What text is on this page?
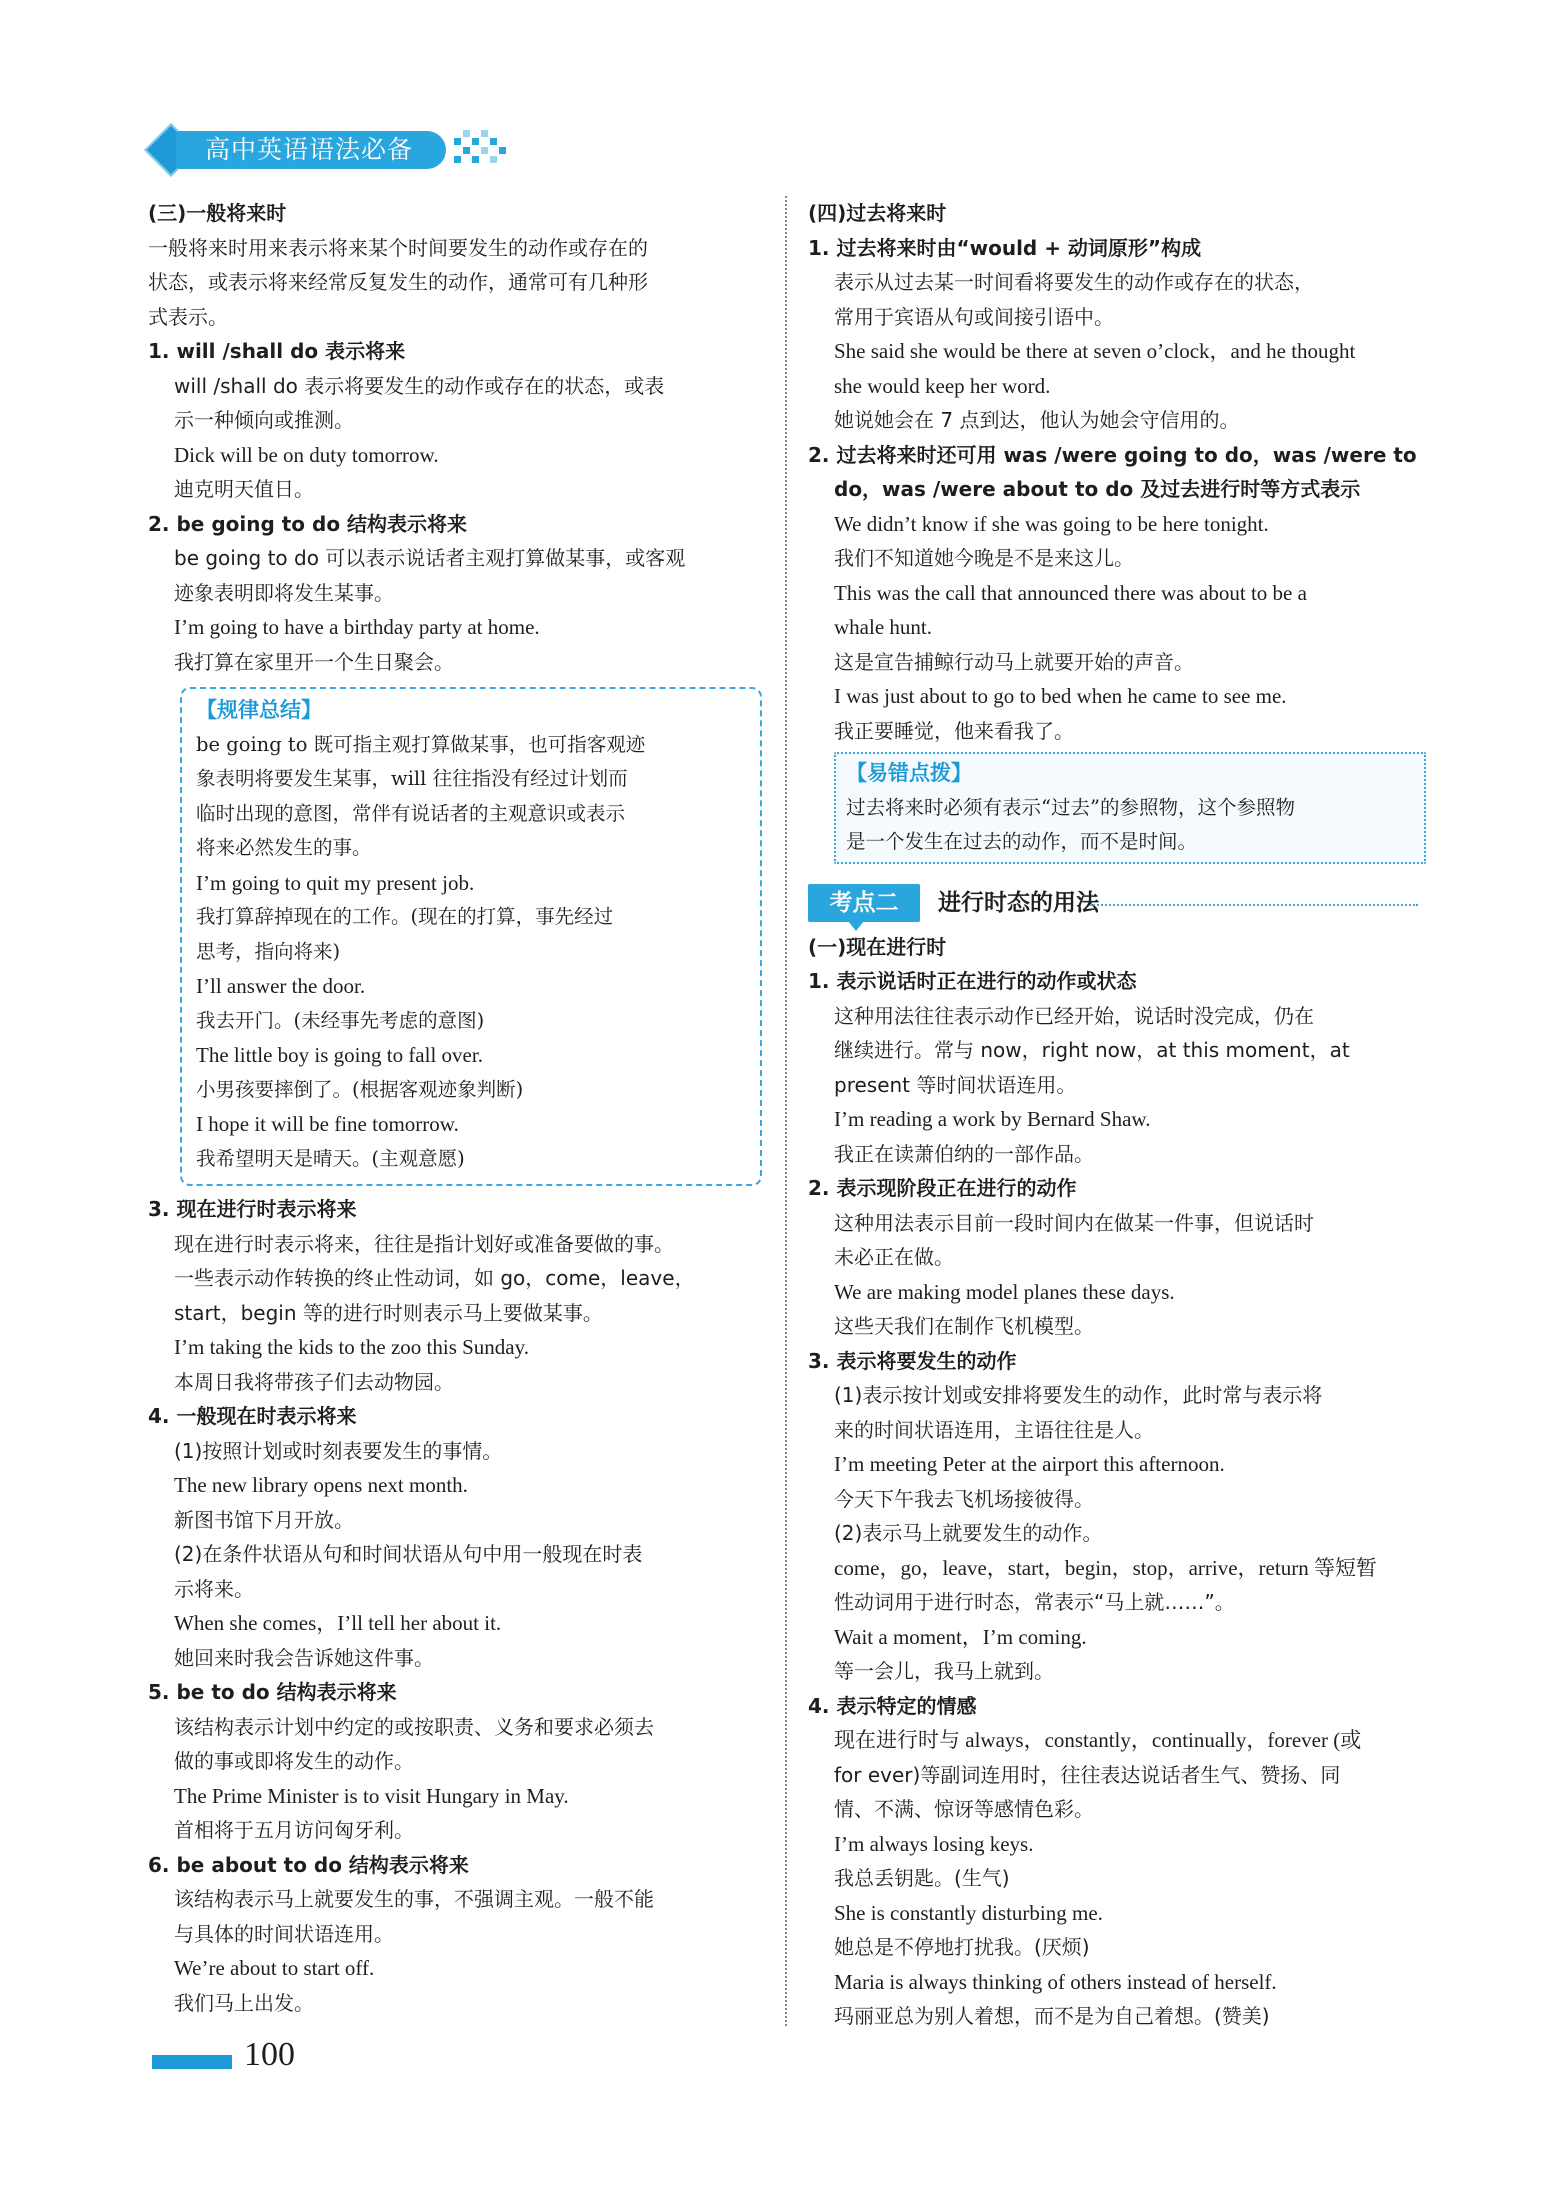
高中英语语法必备
(三)一般将来时
一般将来时用来表示将来某个时间要发生的动作或存在的
状态，或表示将来经常反复发生的动作，通常可有几种形
式表示。
1. will /shall do 表示将来
will /shall do 表示将要发生的动作或存在的状态，或表
示一种倾向或推测。
Dick will be on duty tomorrow.
迪克明天值日。
2. be going to do 结构表示将来
be going to do 可以表示说话者主观打算做某事，或客观
迹象表明即将发生某事。
I’m going to have a birthday party at home.
我打算在家里开一个生日聚会。
【规律总结】
be going to 既可指主观打算做某事，也可指客观迹
象表明将要发生某事，will 往往指没有经过计划而
临时出现的意图，常伴有说话者的主观意识或表示
将来必然发生的事。
I’m going to quit my present job.
我打算辞掉现在的工作。(现在的打算，事先经过
思考，指向将来)
I’ll answer the door.
我去开门。(未经事先考虑的意图)
The little boy is going to fall over.
小男孩要摔倒了。(根据客观迹象判断)
I hope it will be fine tomorrow.
我希望明天是晴天。(主观意愿)
3. 现在进行时表示将来
现在进行时表示将来，往往是指计划好或准备要做的事。
一些表示动作转换的终止性动词，如 go，come，leave，
start，begin 等的进行时则表示马上要做某事。
I’m taking the kids to the zoo this Sunday.
本周日我将带孩子们去动物园。
4. 一般现在时表示将来
(1)按照计划或时刻表要发生的事情。
The new library opens next month.
新图书馆下月开放。
(2)在条件状语从句和时间状语从句中用一般现在时表
示将来。
When she comes，I’ll tell her about it.
她回来时我会告诉她这件事。
5. be to do 结构表示将来
该结构表示计划中约定的或按职责、义务和要求必须去
做的事或即将发生的动作。
The Prime Minister is to visit Hungary in May.
首相将于五月访问匈牙利。
6. be about to do 结构表示将来
该结构表示马上就要发生的事，不强调主观。一般不能
与具体的时间状语连用。
We’re about to start off.
我们马上出发。
(四)过去将来时
1. 过去将来时由“would + 动词原形”构成
表示从过去某一时间看将要发生的动作或存在的状态，
常用于宾语从句或间接引语中。
She said she would be there at seven o’clock，and he thought
she would keep her word.
她说她会在 7 点到达，他认为她会守信用的。
2. 过去将来时还可用 was /were going to do，was /were to
do，was /were about to do 及过去进行时等方式表示
We didn’t know if she was going to be here tonight.
我们不知道她今晚是不是来这儿。
This was the call that announced there was about to be a
whale hunt.
这是宣告捕鲸行动马上就要开始的声音。
I was just about to go to bed when he came to see me.
我正要睡觉，他来看我了。
【易错点拨】
过去将来时必须有表示“过去”的参照物，这个参照物
是一个发生在过去的动作，而不是时间。
考点二	进行时态的用法
(一)现在进行时
1. 表示说话时正在进行的动作或状态
这种用法往往表示动作已经开始，说话时没完成，仍在
继续进行。常与 now，right now，at this moment，at
present 等时间状语连用。
I’m reading a work by Bernard Shaw.
我正在读萧伯纳的一部作品。
2. 表示现阶段正在进行的动作
这种用法表示目前一段时间内在做某一件事，但说话时
未必正在做。
We are making model planes these days.
这些天我们在制作飞机模型。
3. 表示将要发生的动作
(1)表示按计划或安排将要发生的动作，此时常与表示将
来的时间状语连用，主语往往是人。
I’m meeting Peter at the airport this afternoon.
今天下午我去飞机场接彼得。
(2)表示马上就要发生的动作。
come，go，leave，start，begin，stop，arrive，return 等短暂
性动词用于进行时态，常表示“马上就……”。
Wait a moment，I’m coming.
等一会儿，我马上就到。
4. 表示特定的情感
现在进行时与 always，constantly，continually，forever (或
for ever)等副词连用时，往往表达说话者生气、赞扬、同
情、不满、惊讶等感情色彩。
I’m always losing keys.
我总丢钥匙。(生气)
She is constantly disturbing me.
她总是不停地打扰我。(厌烦)
Maria is always thinking of others instead of herself.
玛丽亚总为别人着想，而不是为自己着想。(赞美)
100
